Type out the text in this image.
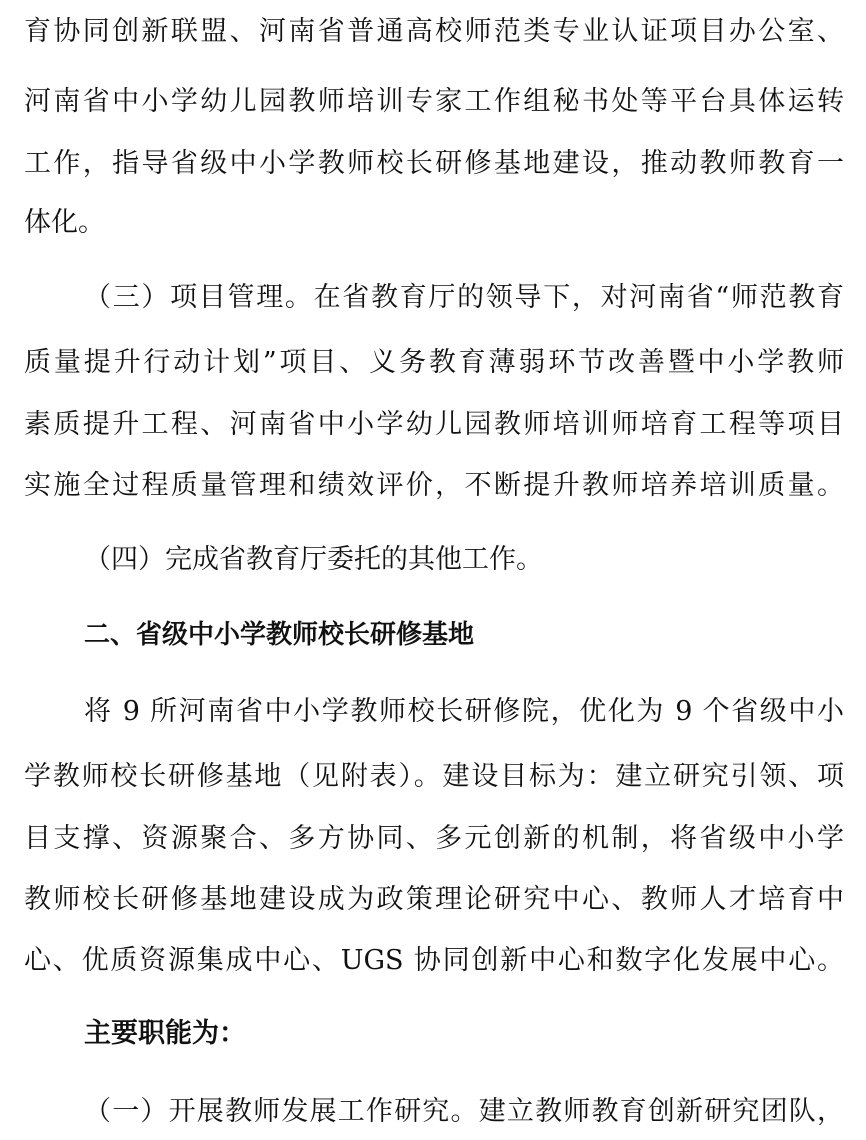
育协同创新联盟、河南省普通高校师范类专业认证项目办公室、
河南省中小学幼儿园教师培训专家工作组秘书处等平台具体运转
工作，指导省级中小学教师校长研修基地建设，推动教师教育一
体化。
（三）项目管理。在省教育厅的领导下，对河南省“师范教育
质量提升行动计划”项目、义务教育薄弱环节改善暨中小学教师
素质提升工程、河南省中小学幼儿园教师培训师培育工程等项目
实施全过程质量管理和绩效评价，不断提升教师培养培训质量。
（四）完成省教育厅委托的其他工作。
二、省级中小学教师校长研修基地
将 9 所河南省中小学教师校长研修院，优化为 9 个省级中小
学教师校长研修基地（见附表）。建设目标为：建立研究引领、项
目支撑、资源聚合、多方协同、多元创新的机制，将省级中小学
教师校长研修基地建设成为政策理论研究中心、教师人才培育中
心、优质资源集成中心、UGS 协同创新中心和数字化发展中心。
主要职能为：
（一）开展教师发展工作研究。建立教师教育创新研究团队，
